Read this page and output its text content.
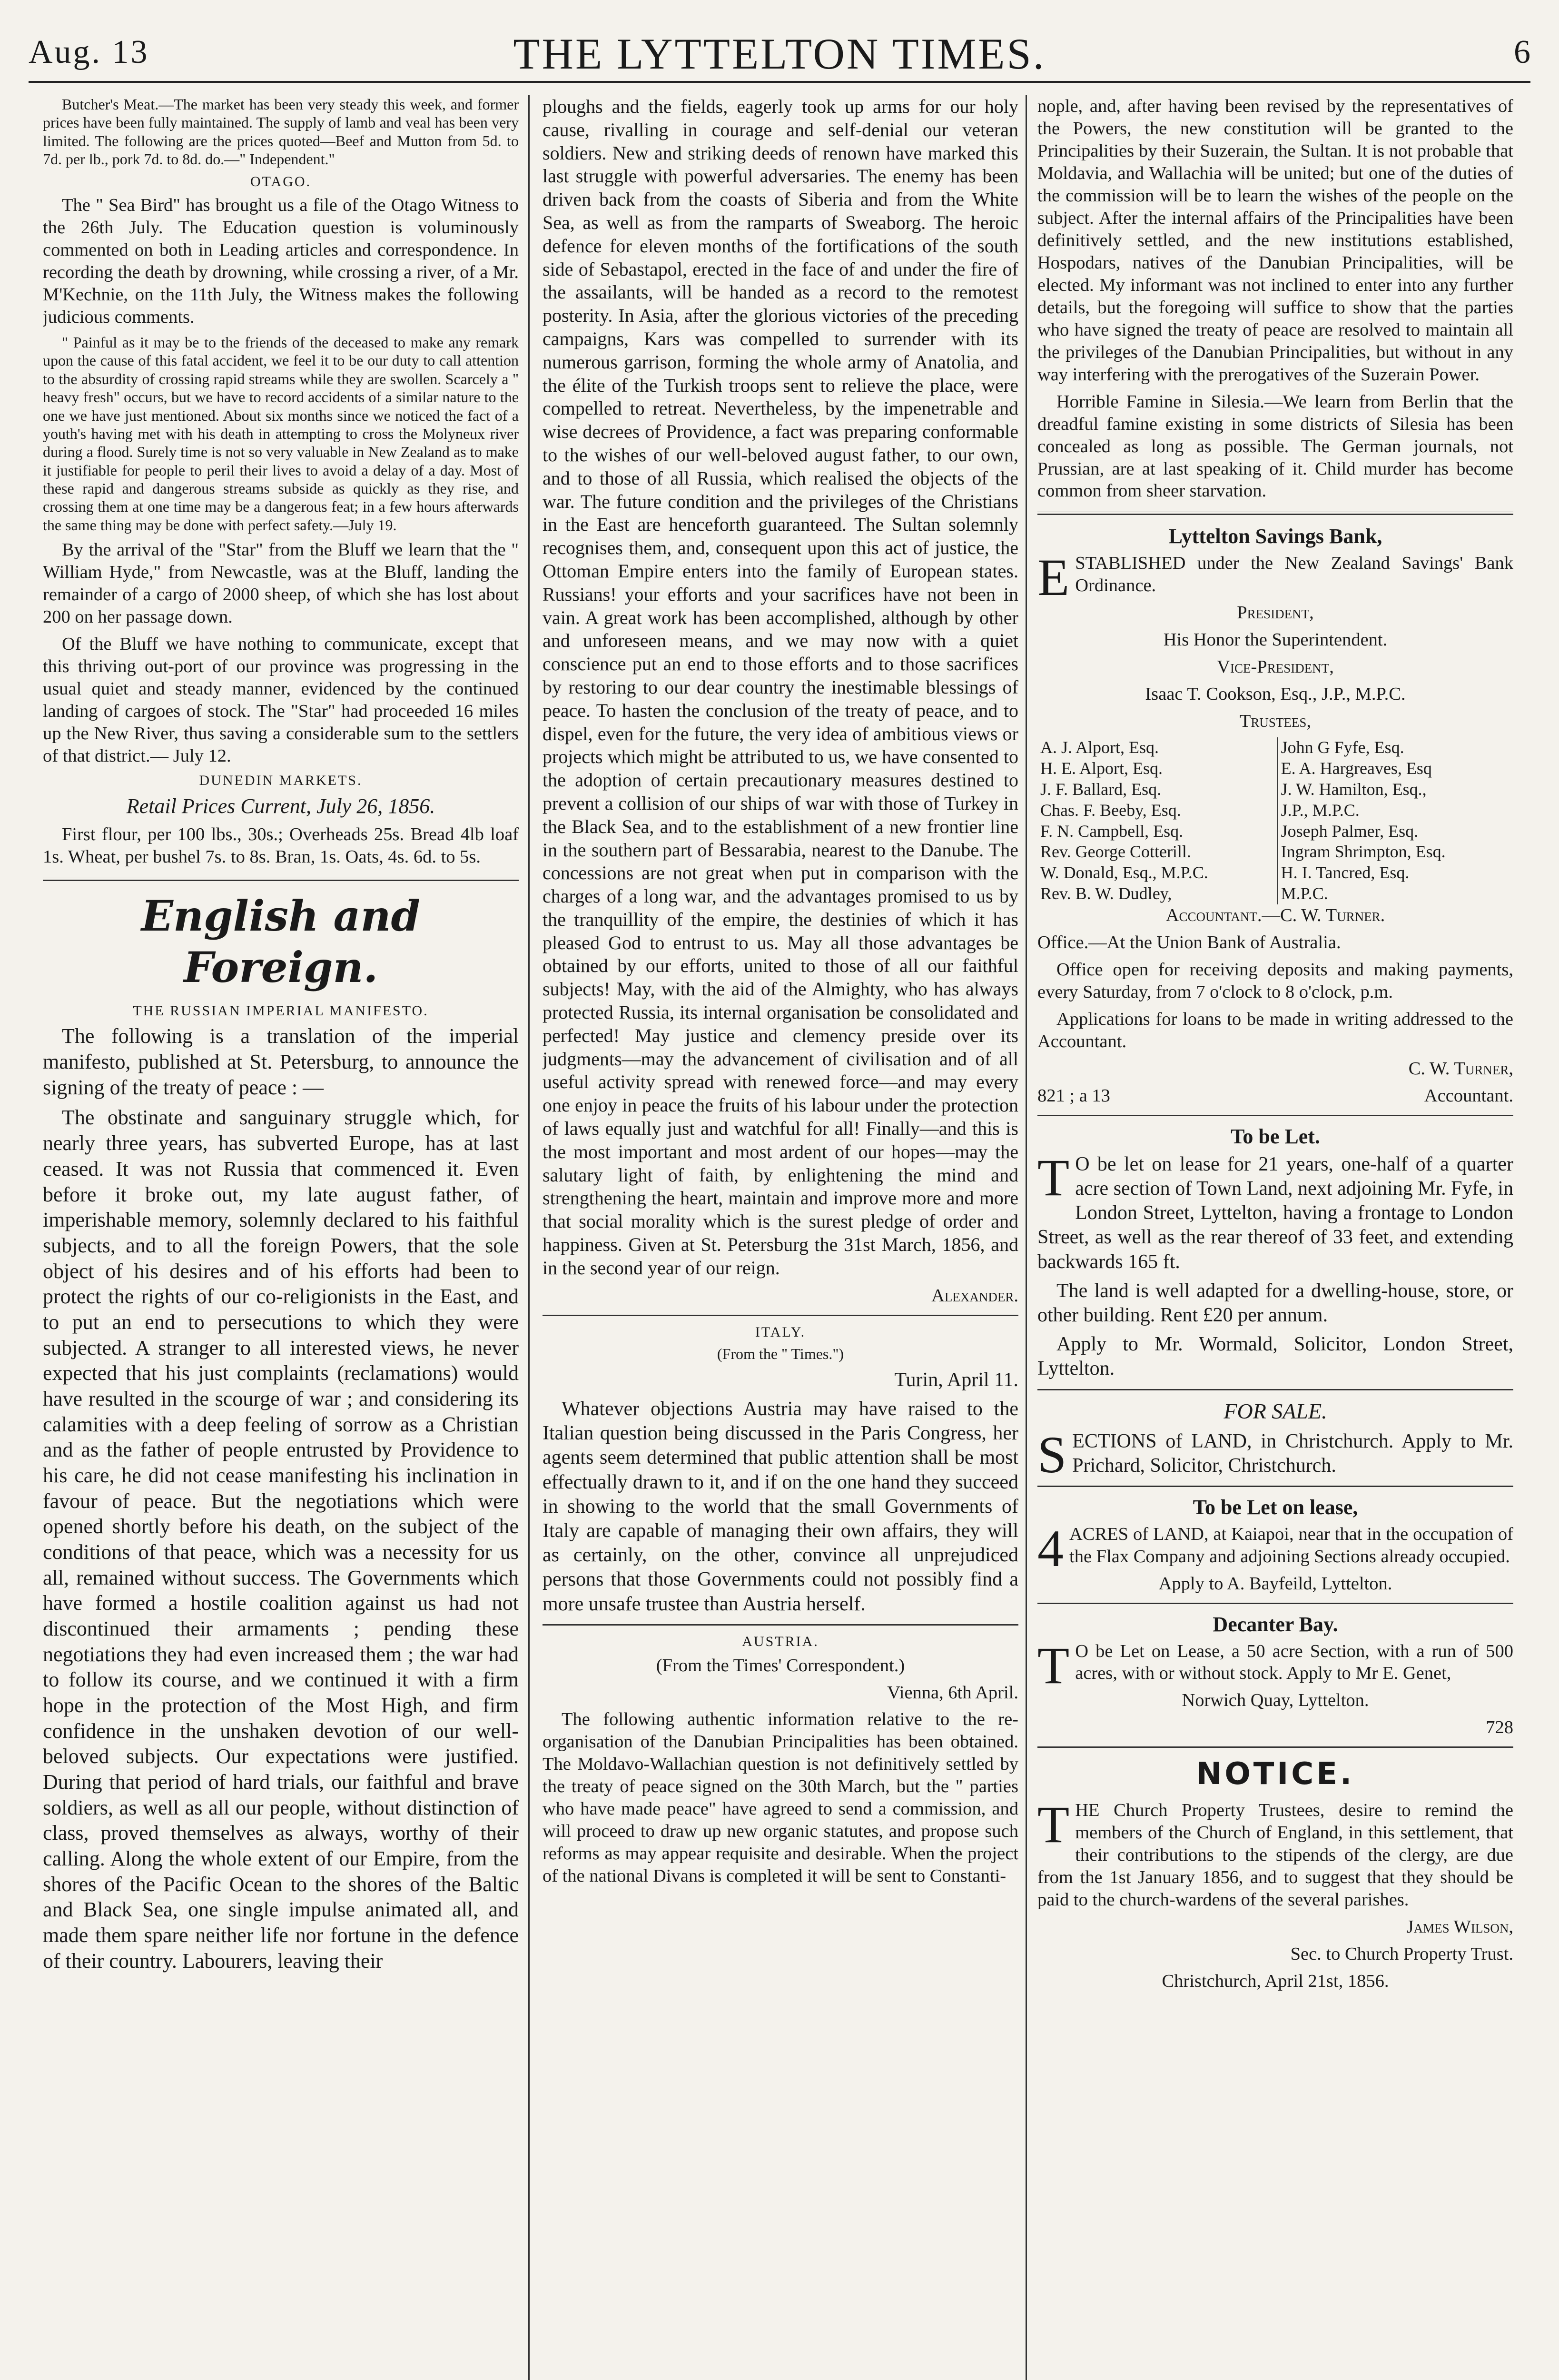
Aug. 13	THE LYTTELTON TIMES.	6

Butcher's Meat.—The market has been very steady this week, and former prices have been fully maintained. The supply of lamb and veal has been very limited. The following are the prices quoted—Beef and Mutton from 5d. to 7d. per lb., pork 7d. to 8d. do.—" Independent."

OTAGO.

The " Sea Bird" has brought us a file of the Otago Witness to the 26th July. The Education question is voluminously commented on both in Leading articles and correspondence. In recording the death by drowning, while crossing a river, of a Mr. M'Kechnie, on the 11th July, the Witness makes the following judicious comments.

" Painful as it may be to the friends of the deceased to make any remark upon the cause of this fatal accident, we feel it to be our duty to call attention to the absurdity of crossing rapid streams while they are swollen. Scarcely a " heavy fresh" occurs, but we have to record accidents of a similar nature to the one we have just mentioned. About six months since we noticed the fact of a youth's having met with his death in attempting to cross the Molyneux river during a flood. Surely time is not so very valuable in New Zealand as to make it justifiable for people to peril their lives to avoid a delay of a day. Most of these rapid and dangerous streams subside as quickly as they rise, and crossing them at one time may be a dangerous feat; in a few hours afterwards the same thing may be done with perfect safety.—July 19.

By the arrival of the "Star" from the Bluff we learn that the " William Hyde," from Newcastle, was at the Bluff, landing the remainder of a cargo of 2000 sheep, of which she has lost about 200 on her passage down.

Of the Bluff we have nothing to communicate, except that this thriving out-port of our province was progressing in the usual quiet and steady manner, evidenced by the continued landing of cargoes of stock. The "Star" had proceeded 16 miles up the New River, thus saving a considerable sum to the settlers of that district.— July 12.

DUNEDIN MARKETS.

Retail Prices Current, July 26, 1856.

First flour, per 100 lbs., 30s.; Overheads 25s. Bread 4lb loaf 1s. Wheat, per bushel 7s. to 8s. Bran, 1s. Oats, 4s. 6d. to 5s.

English and Foreign.
THE RUSSIAN IMPERIAL MANIFESTO.

The following is a translation of the imperial manifesto, published at St. Petersburg, to announce the signing of the treaty of peace : —

The obstinate and sanguinary struggle which, for nearly three years, has subverted Europe, has at last ceased. It was not Russia that commenced it. Even before it broke out, my late august father, of imperishable memory, solemnly declared to his faithful subjects, and to all the foreign Powers, that the sole object of his desires and of his efforts had been to protect the rights of our co-religionists in the East, and to put an end to persecutions to which they were subjected. A stranger to all interested views, he never expected that his just complaints (reclamations) would have resulted in the scourge of war ; and considering its calamities with a deep feeling of sorrow as a Christian and as the father of people entrusted by Providence to his care, he did not cease manifesting his inclination in favour of peace. But the negotiations which were opened shortly before his death, on the subject of the conditions of that peace, which was a necessity for us all, remained without success. The Governments which have formed a hostile coalition against us had not discontinued their armaments ; pending these negotiations they had even increased them ; the war had to follow its course, and we continued it with a firm hope in the protection of the Most High, and firm confidence in the unshaken devotion of our well-beloved subjects. Our expectations were justified. During that period of hard trials, our faithful and brave soldiers, as well as all our people, without distinction of class, proved themselves as always, worthy of their calling. Along the whole extent of our Empire, from the shores of the Pacific Ocean to the shores of the Baltic and Black Sea, one single impulse animated all, and made them spare neither life nor fortune in the defence of their country. Labourers, leaving their

ploughs and the fields, eagerly took up arms for our holy cause, rivalling in courage and self-denial our veteran soldiers. New and striking deeds of renown have marked this last struggle with powerful adversaries. The enemy has been driven back from the coasts of Siberia and from the White Sea, as well as from the ramparts of Sweaborg. The heroic defence for eleven months of the fortifications of the south side of Sebastapol, erected in the face of and under the fire of the assailants, will be handed as a record to the remotest posterity. In Asia, after the glorious victories of the preceding campaigns, Kars was compelled to surrender with its numerous garrison, forming the whole army of Anatolia, and the élite of the Turkish troops sent to relieve the place, were compelled to retreat. Nevertheless, by the impenetrable and wise decrees of Providence, a fact was preparing conformable to the wishes of our well-beloved august father, to our own, and to those of all Russia, which realised the objects of the war. The future condition and the privileges of the Christians in the East are henceforth guaranteed. The Sultan solemnly recognises them, and, consequent upon this act of justice, the Ottoman Empire enters into the family of European states. Russians! your efforts and your sacrifices have not been in vain. A great work has been accomplished, although by other and unforeseen means, and we may now with a quiet conscience put an end to those efforts and to those sacrifices by restoring to our dear country the inestimable blessings of peace. To hasten the conclusion of the treaty of peace, and to dispel, even for the future, the very idea of ambitious views or projects which might be attributed to us, we have consented to the adoption of certain precautionary measures destined to prevent a collision of our ships of war with those of Turkey in the Black Sea, and to the establishment of a new frontier line in the southern part of Bessarabia, nearest to the Danube. The concessions are not great when put in comparison with the charges of a long war, and the advantages promised to us by the tranquillity of the empire, the destinies of which it has pleased God to entrust to us. May all those advantages be obtained by our efforts, united to those of all our faithful subjects! May, with the aid of the Almighty, who has always protected Russia, its internal organisation be consolidated and perfected! May justice and clemency preside over its judgments—may the advancement of civilisation and of all useful activity spread with renewed force—and may every one enjoy in peace the fruits of his labour under the protection of laws equally just and watchful for all! Finally—and this is the most important and most ardent of our hopes—may the salutary light of faith, by enlightening the mind and strengthening the heart, maintain and improve more and more that social morality which is the surest pledge of order and happiness. Given at St. Petersburg the 31st March, 1856, and in the second year of our reign.

Alexander.

ITALY.

(From the " Times.")

Turin, April 11.

Whatever objections Austria may have raised to the Italian question being discussed in the Paris Congress, her agents seem determined that public attention shall be most effectually drawn to it, and if on the one hand they succeed in showing to the world that the small Governments of Italy are capable of managing their own affairs, they will as certainly, on the other, convince all unprejudiced persons that those Governments could not possibly find a more unsafe trustee than Austria herself.

AUSTRIA.

(From the Times' Correspondent.)

Vienna, 6th April.

The following authentic information relative to the re-organisation of the Danubian Principalities has been obtained. The Moldavo-Wallachian question is not definitively settled by the treaty of peace signed on the 30th March, but the " parties who have made peace" have agreed to send a commission, and will proceed to draw up new organic statutes, and propose such reforms as may appear requisite and desirable. When the project of the national Divans is completed it will be sent to Constanti-

nople, and, after having been revised by the representatives of the Powers, the new constitution will be granted to the Principalities by their Suzerain, the Sultan. It is not probable that Moldavia, and Wallachia will be united; but one of the duties of the commission will be to learn the wishes of the people on the subject. After the internal affairs of the Principalities have been definitively settled, and the new institutions established, Hospodars, natives of the Danubian Principalities, will be elected. My informant was not inclined to enter into any further details, but the foregoing will suffice to show that the parties who have signed the treaty of peace are resolved to maintain all the privileges of the Danubian Principalities, but without in any way interfering with the prerogatives of the Suzerain Power.

Horrible Famine in Silesia.—We learn from Berlin that the dreadful famine existing in some districts of Silesia has been concealed as long as possible. The German journals, not Prussian, are at last speaking of it. Child murder has become common from sheer starvation.

Lyttelton Savings Bank,

ESTABLISHED under the New Zealand Savings' Bank Ordinance.

President,

His Honor the Superintendent.

Vice-President,

Isaac T. Cookson, Esq., J.P., M.P.C.

Trustees,

A. J. Alport, Esq.	John G Fyfe, Esq.
H. E. Alport, Esq.	E. A. Hargreaves, Esq
J. F. Ballard, Esq.	J. W. Hamilton, Esq.,
Chas. F. Beeby, Esq.	J.P., M.P.C.
F. N. Campbell, Esq.	Joseph Palmer, Esq.
Rev. George Cotterill.	Ingram Shrimpton, Esq.
W. Donald, Esq., M.P.C.	H. I. Tancred, Esq.
Rev. B. W. Dudley,	M.P.C.

Accountant.—C. W. Turner.

Office.—At the Union Bank of Australia.

Office open for receiving deposits and making payments, every Saturday, from 7 o'clock to 8 o'clock, p.m.

Applications for loans to be made in writing addressed to the Accountant.

C. W. Turner,

821 ; a 13	Accountant.

To be Let.

T O be let on lease for 21 years, one-half of a quarter acre section of Town Land, next adjoining Mr. Fyfe, in London Street, Lyttelton, having a frontage to London Street, as well as the rear thereof of 33 feet, and extending backwards 165 ft.

The land is well adapted for a dwelling-house, store, or other building. Rent £20 per annum.

Apply to Mr. Wormald, Solicitor, London Street, Lyttelton.

FOR SALE.

SECTIONS of LAND, in Christchurch. Apply to Mr. Prichard, Solicitor, Christchurch.

To be Let on lease,

4 ACRES of LAND, at Kaiapoi, near that in the occupation of the Flax Company and adjoining Sections already occupied.

Apply to A. Bayfeild, Lyttelton.

Decanter Bay.

T O be Let on Lease, a 50 acre Section, with a run of 500 acres, with or without stock. Apply to Mr E. Genet,

Norwich Quay, Lyttelton.

728

NOTICE.

THE Church Property Trustees, desire to remind the members of the Church of England, in this settlement, that their contributions to the stipends of the clergy, are due from the 1st January 1856, and to suggest that they should be paid to the church-wardens of the several parishes.

James Wilson,

Sec. to Church Property Trust.

Christchurch, April 21st, 1856.
